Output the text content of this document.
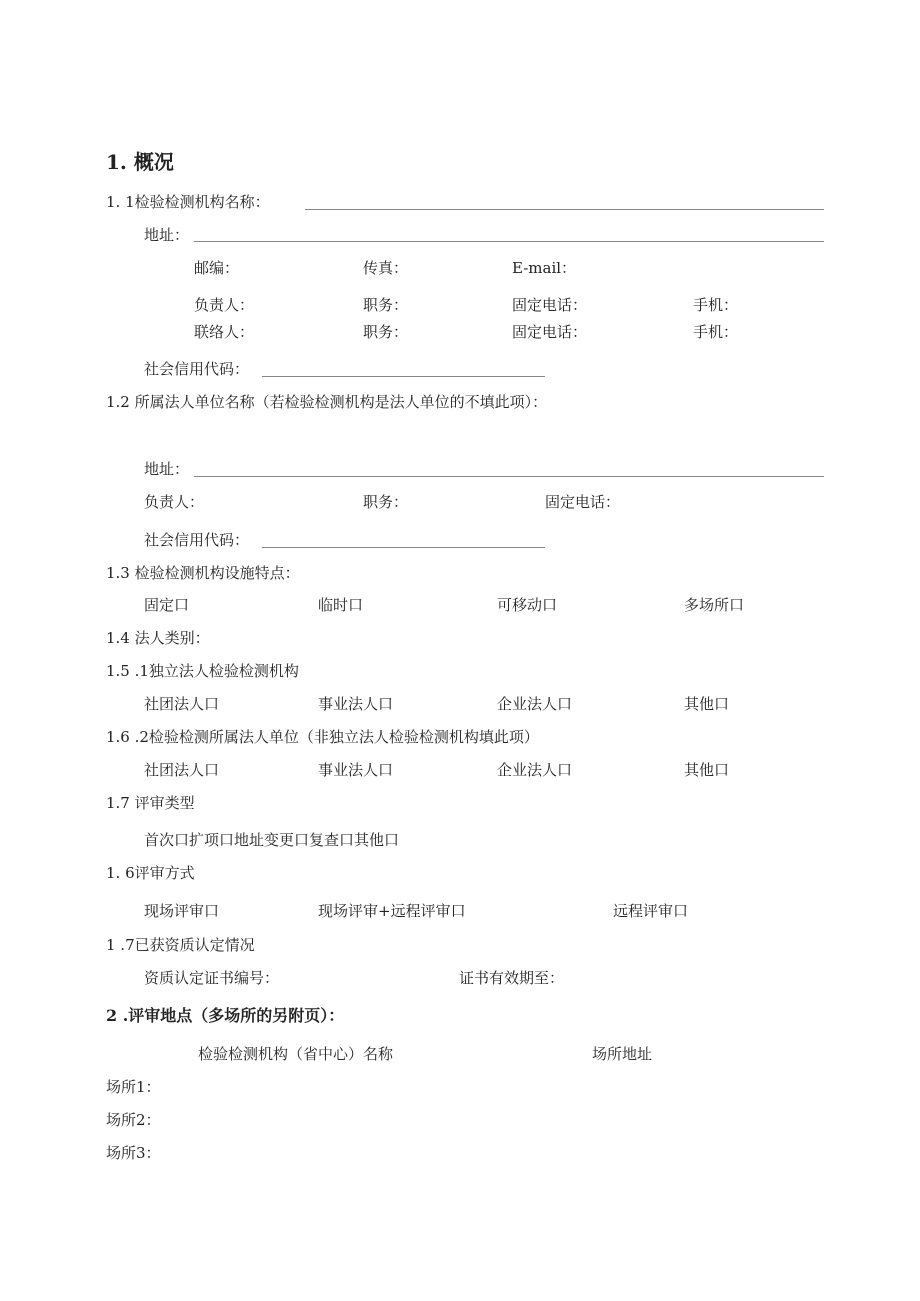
1. 概况
1. 1检验检测机构名称：
地址：
邮编：	传真：	E-mail：
负责人：	职务：	固定电话：	手机：
联络人：	职务：	固定电话：	手机：
社会信用代码：
1.2 所属法人单位名称（若检验检测机构是法人单位的不填此项）：
地址：
负责人：	职务：	固定电话：
社会信用代码：
1.3 检验检测机构设施特点：
固定口	临时口	可移动口	多场所口
1.4 法人类别：
1.5 .1独立法人检验检测机构
社团法人口	事业法人口	企业法人口	其他口
1.6 .2检验检测所属法人单位（非独立法人检验检测机构填此项）
社团法人口	事业法人口	企业法人口	其他口
1.7 评审类型
首次口扩项口地址变更口复查口其他口
1. 6评审方式
现场评审口	现场评审+远程评审口	远程评审口
1 .7已获资质认定情况
资质认定证书编号：	证书有效期至：
2 .评审地点（多场所的另附页）：
检验检测机构（省中心）名称	场所地址
场所1：
场所2：
场所3：
